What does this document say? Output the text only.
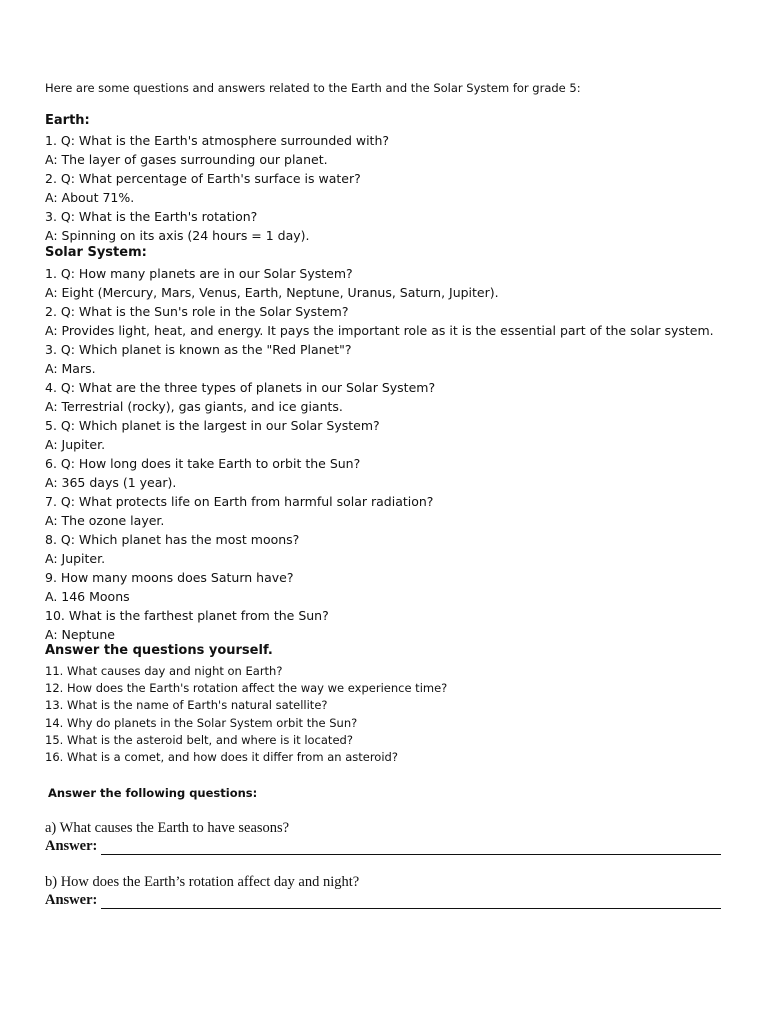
Here are some questions and answers related to the Earth and the Solar System for grade 5:
Earth:
1. Q: What is the Earth's atmosphere surrounded with?
A: The layer of gases surrounding our planet.
2. Q: What percentage of Earth's surface is water?
A: About 71%.
3. Q: What is the Earth's rotation?
A: Spinning on its axis (24 hours = 1 day).
Solar System:
1. Q: How many planets are in our Solar System?
A: Eight (Mercury, Mars, Venus, Earth, Neptune, Uranus, Saturn, Jupiter).
2. Q: What is the Sun's role in the Solar System?
A: Provides light, heat, and energy. It pays the important role as it is the essential part of the solar system.
3. Q: Which planet is known as the "Red Planet"?
A: Mars.
4. Q: What are the three types of planets in our Solar System?
A: Terrestrial (rocky), gas giants, and ice giants.
5. Q: Which planet is the largest in our Solar System?
A: Jupiter.
6. Q: How long does it take Earth to orbit the Sun?
A: 365 days (1 year).
7. Q: What protects life on Earth from harmful solar radiation?
A: The ozone layer.
8. Q: Which planet has the most moons?
A: Jupiter.
9. How many moons does Saturn have?
A. 146 Moons
10. What is the farthest planet from the Sun?
A: Neptune
Answer the questions yourself.
11. What causes day and night on Earth?
12. How does the Earth's rotation affect the way we experience time?
13. What is the name of Earth's natural satellite?
14. Why do planets in the Solar System orbit the Sun?
15. What is the asteroid belt, and where is it located?
16. What is a comet, and how does it differ from an asteroid?
Answer the following questions:
a) What causes the Earth to have seasons?
Answer:
b) How does the Earth’s rotation affect day and night?
Answer:
